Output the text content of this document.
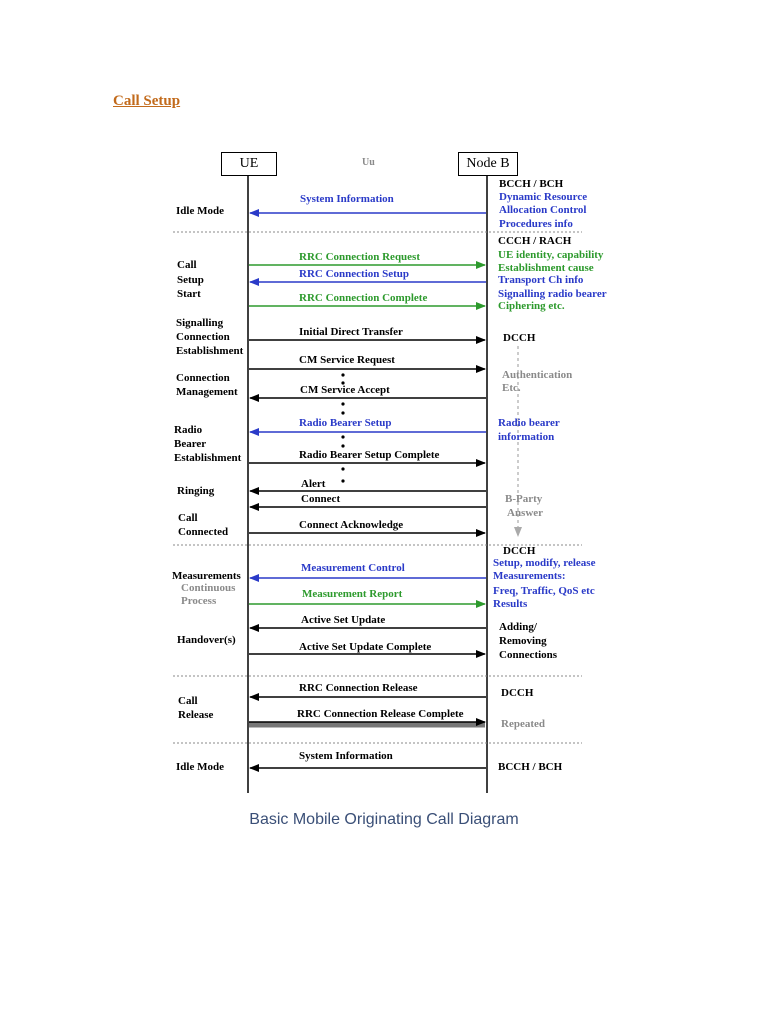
Call Setup
UE	Node B
Uu
Idle Mode
Call
Setup
Start
Signalling
Connection
Establishment
Connection
Management
Radio
Bearer
Establishment
Ringing
Call
Connected
Measurements
Continuous
Process
Handover(s)
Call
Release
Idle Mode
System Information
RRC Connection Request
RRC Connection Setup
RRC Connection Complete
Initial Direct Transfer
CM Service Request
CM Service Accept
Radio Bearer Setup
Radio Bearer Setup Complete
Alert
Connect
Connect Acknowledge
Measurement Control
Measurement Report
Active Set Update
Active Set Update Complete
RRC Connection Release
RRC Connection Release Complete
System Information
BCCH / BCH
Dynamic Resource
Allocation Control
Procedures info
CCCH / RACH
UE identity, capability
Establishment cause
Transport Ch info
Signalling radio bearer
Ciphering etc.
DCCH
Authentication
Etc.
Radio bearer
information
B-Party
Answer
DCCH
Setup, modify, release
Measurements:
Freq, Traffic, QoS etc
Results
Adding/
Removing
Connections
DCCH
Repeated
BCCH / BCH
Basic Mobile Originating Call Diagram
